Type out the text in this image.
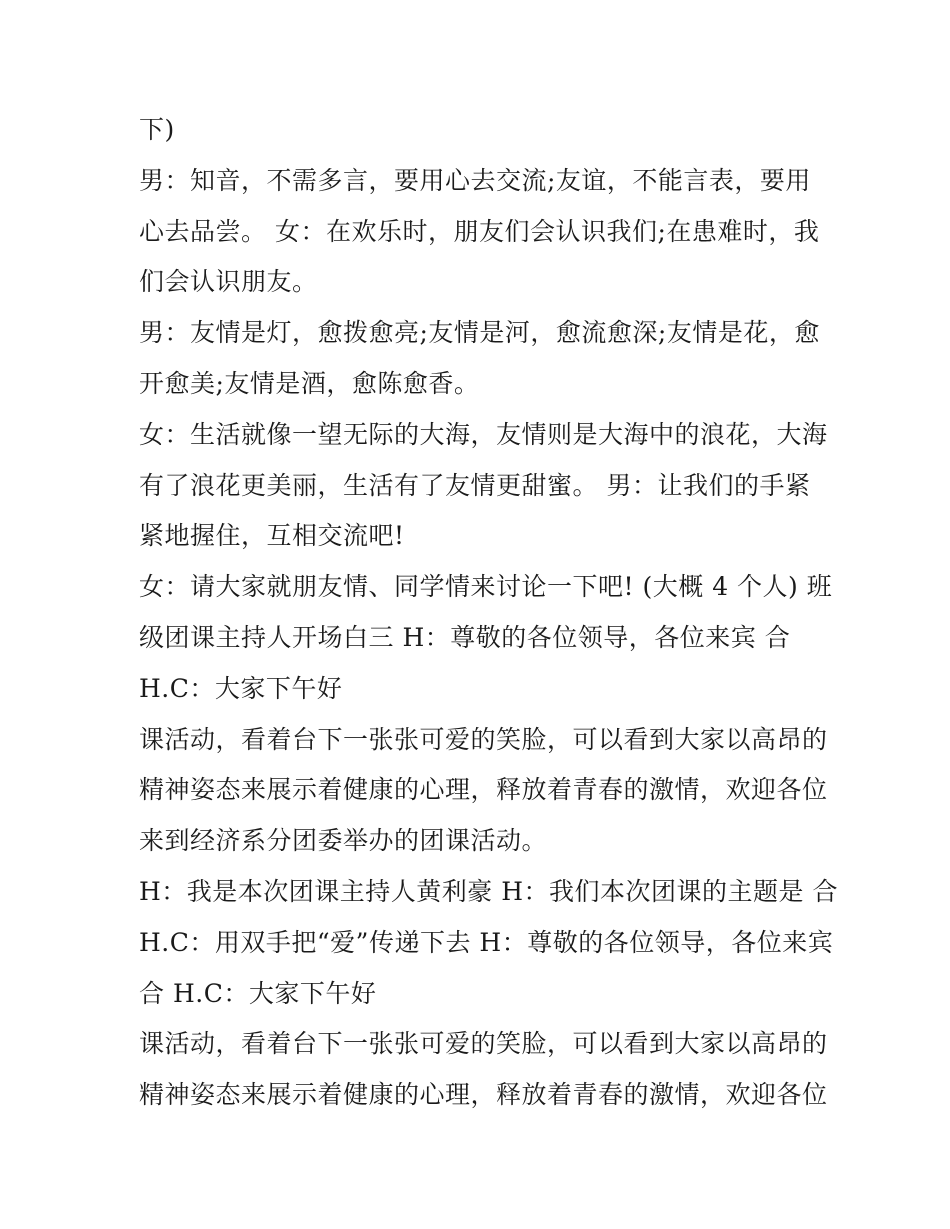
下)
男：知音，不需多言，要用心去交流;友谊，不能言表，要用
心去品尝。 女：在欢乐时，朋友们会认识我们;在患难时，我
们会认识朋友。
男：友情是灯，愈拨愈亮;友情是河，愈流愈深;友情是花，愈
开愈美;友情是酒，愈陈愈香。
女：生活就像一望无际的大海，友情则是大海中的浪花，大海
有了浪花更美丽，生活有了友情更甜蜜。 男：让我们的手紧
紧地握住，互相交流吧!
女：请大家就朋友情、同学情来讨论一下吧! (大概 4 个人) 班
级团课主持人开场白三 H：尊敬的各位领导，各位来宾 合
H.C：大家下午好
课活动，看着台下一张张可爱的笑脸，可以看到大家以高昂的
精神姿态来展示着健康的心理，释放着青春的激情，欢迎各位
来到经济系分团委举办的团课活动。
H：我是本次团课主持人黄利豪 H：我们本次团课的主题是 合
H.C：用双手把“爱”传递下去 H：尊敬的各位领导，各位来宾
合 H.C：大家下午好
课活动，看着台下一张张可爱的笑脸，可以看到大家以高昂的
精神姿态来展示着健康的心理，释放着青春的激情，欢迎各位
